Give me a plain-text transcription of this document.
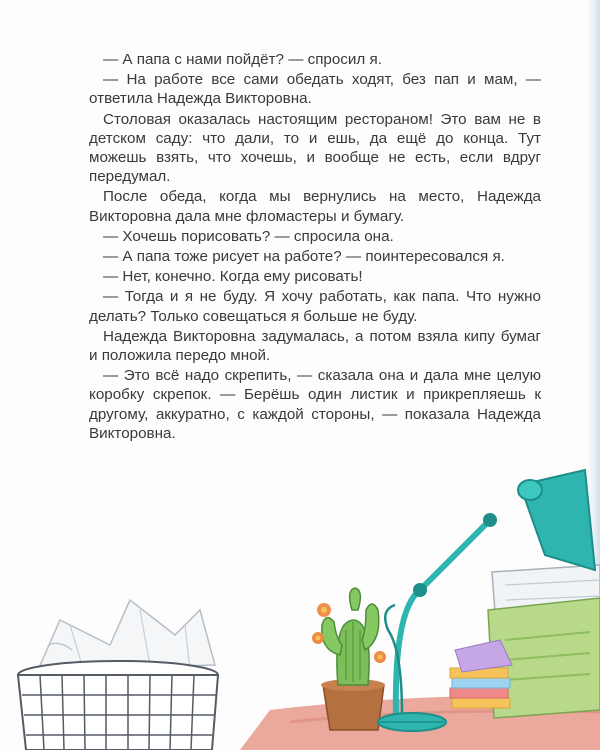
— А папа с нами пойдёт? — спросил я.

— На работе все сами обедать ходят, без пап и мам, — ответила Надежда Викторовна.

Столовая оказалась настоящим рестораном! Это вам не в детском саду: что дали, то и ешь, да ещё до конца. Тут можешь взять, что хочешь, и вообще не есть, если вдруг передумал.

После обеда, когда мы вернулись на место, Надежда Викторовна дала мне фломастеры и бумагу.

— Хочешь порисовать? — спросила она.

— А папа тоже рисует на работе? — поинтересовался я.

— Нет, конечно. Когда ему рисовать!

— Тогда и я не буду. Я хочу работать, как папа. Что нужно делать? Только совещаться я больше не буду.

Надежда Викторовна задумалась, а потом взяла кипу бумаг и положила передо мной.

— Это всё надо скрепить, — сказала она и дала мне целую коробку скрепок. — Берёшь один листик и прикрепляешь к другому, аккуратно, с каждой стороны, — показала Надежда Викторовна.
